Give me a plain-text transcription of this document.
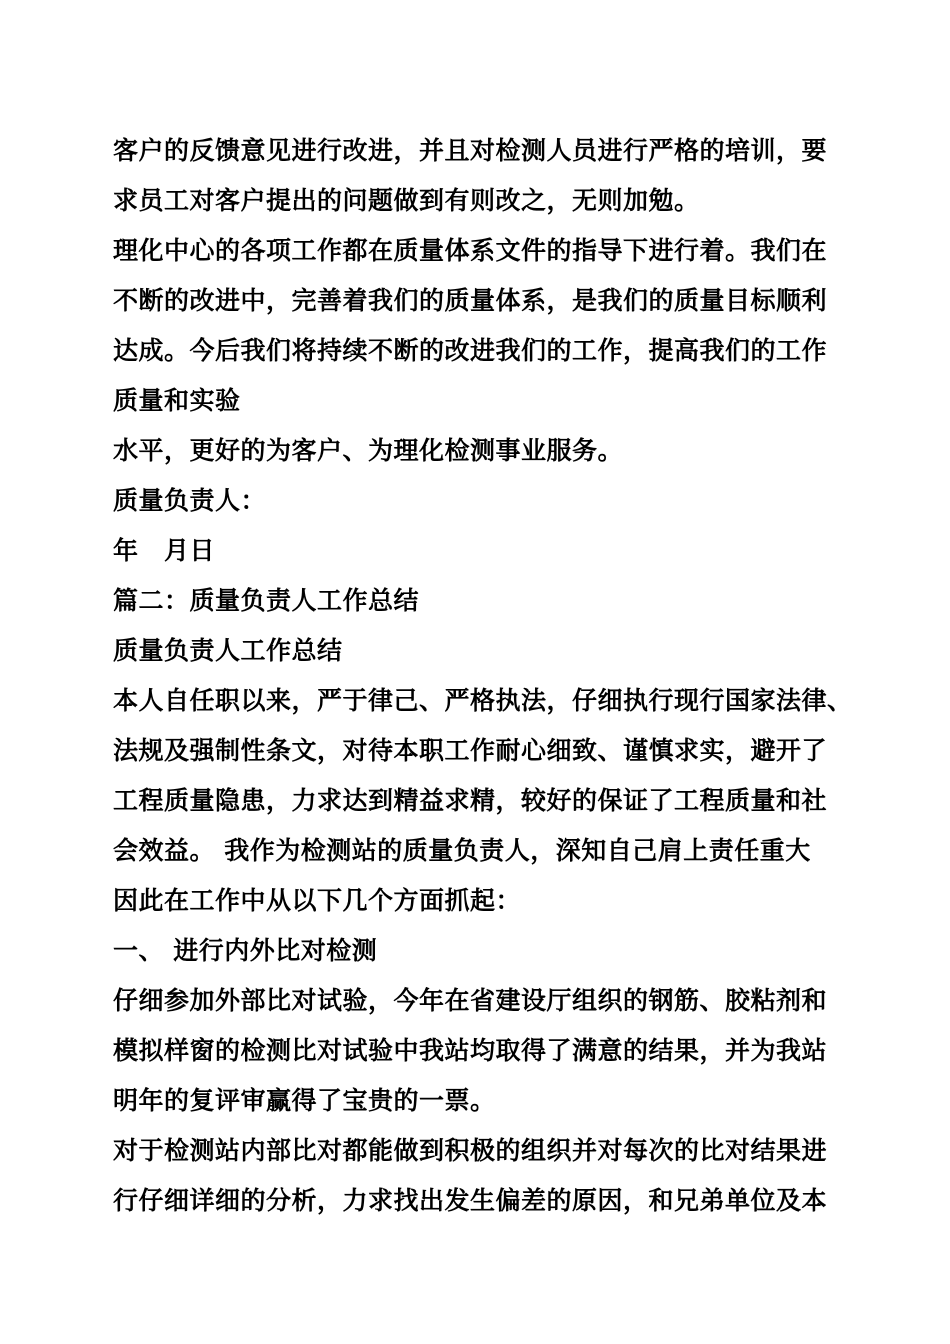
客户的反馈意见进行改进，并且对检测人员进行严格的培训，要
求员工对客户提出的问题做到有则改之，无则加勉。
理化中心的各项工作都在质量体系文件的指导下进行着。我们在
不断的改进中，完善着我们的质量体系，是我们的质量目标顺利
达成。今后我们将持续不断的改进我们的工作，提高我们的工作
质量和实验
水平，更好的为客户、为理化检测事业服务。
质量负责人：
年　月日
篇二：质量负责人工作总结
质量负责人工作总结
本人自任职以来，严于律己、严格执法，仔细执行现行国家法律、
法规及强制性条文，对待本职工作耐心细致、谨慎求实，避开了
工程质量隐患，力求达到精益求精，较好的保证了工程质量和社
会效益。 我作为检测站的质量负责人，深知自己肩上责任重大
因此在工作中从以下几个方面抓起：
一、 进行内外比对检测
仔细参加外部比对试验，今年在省建设厅组织的钢筋、胶粘剂和
模拟样窗的检测比对试验中我站均取得了满意的结果，并为我站
明年的复评审赢得了宝贵的一票。
对于检测站内部比对都能做到积极的组织并对每次的比对结果进
行仔细详细的分析，力求找出发生偏差的原因，和兄弟单位及本
